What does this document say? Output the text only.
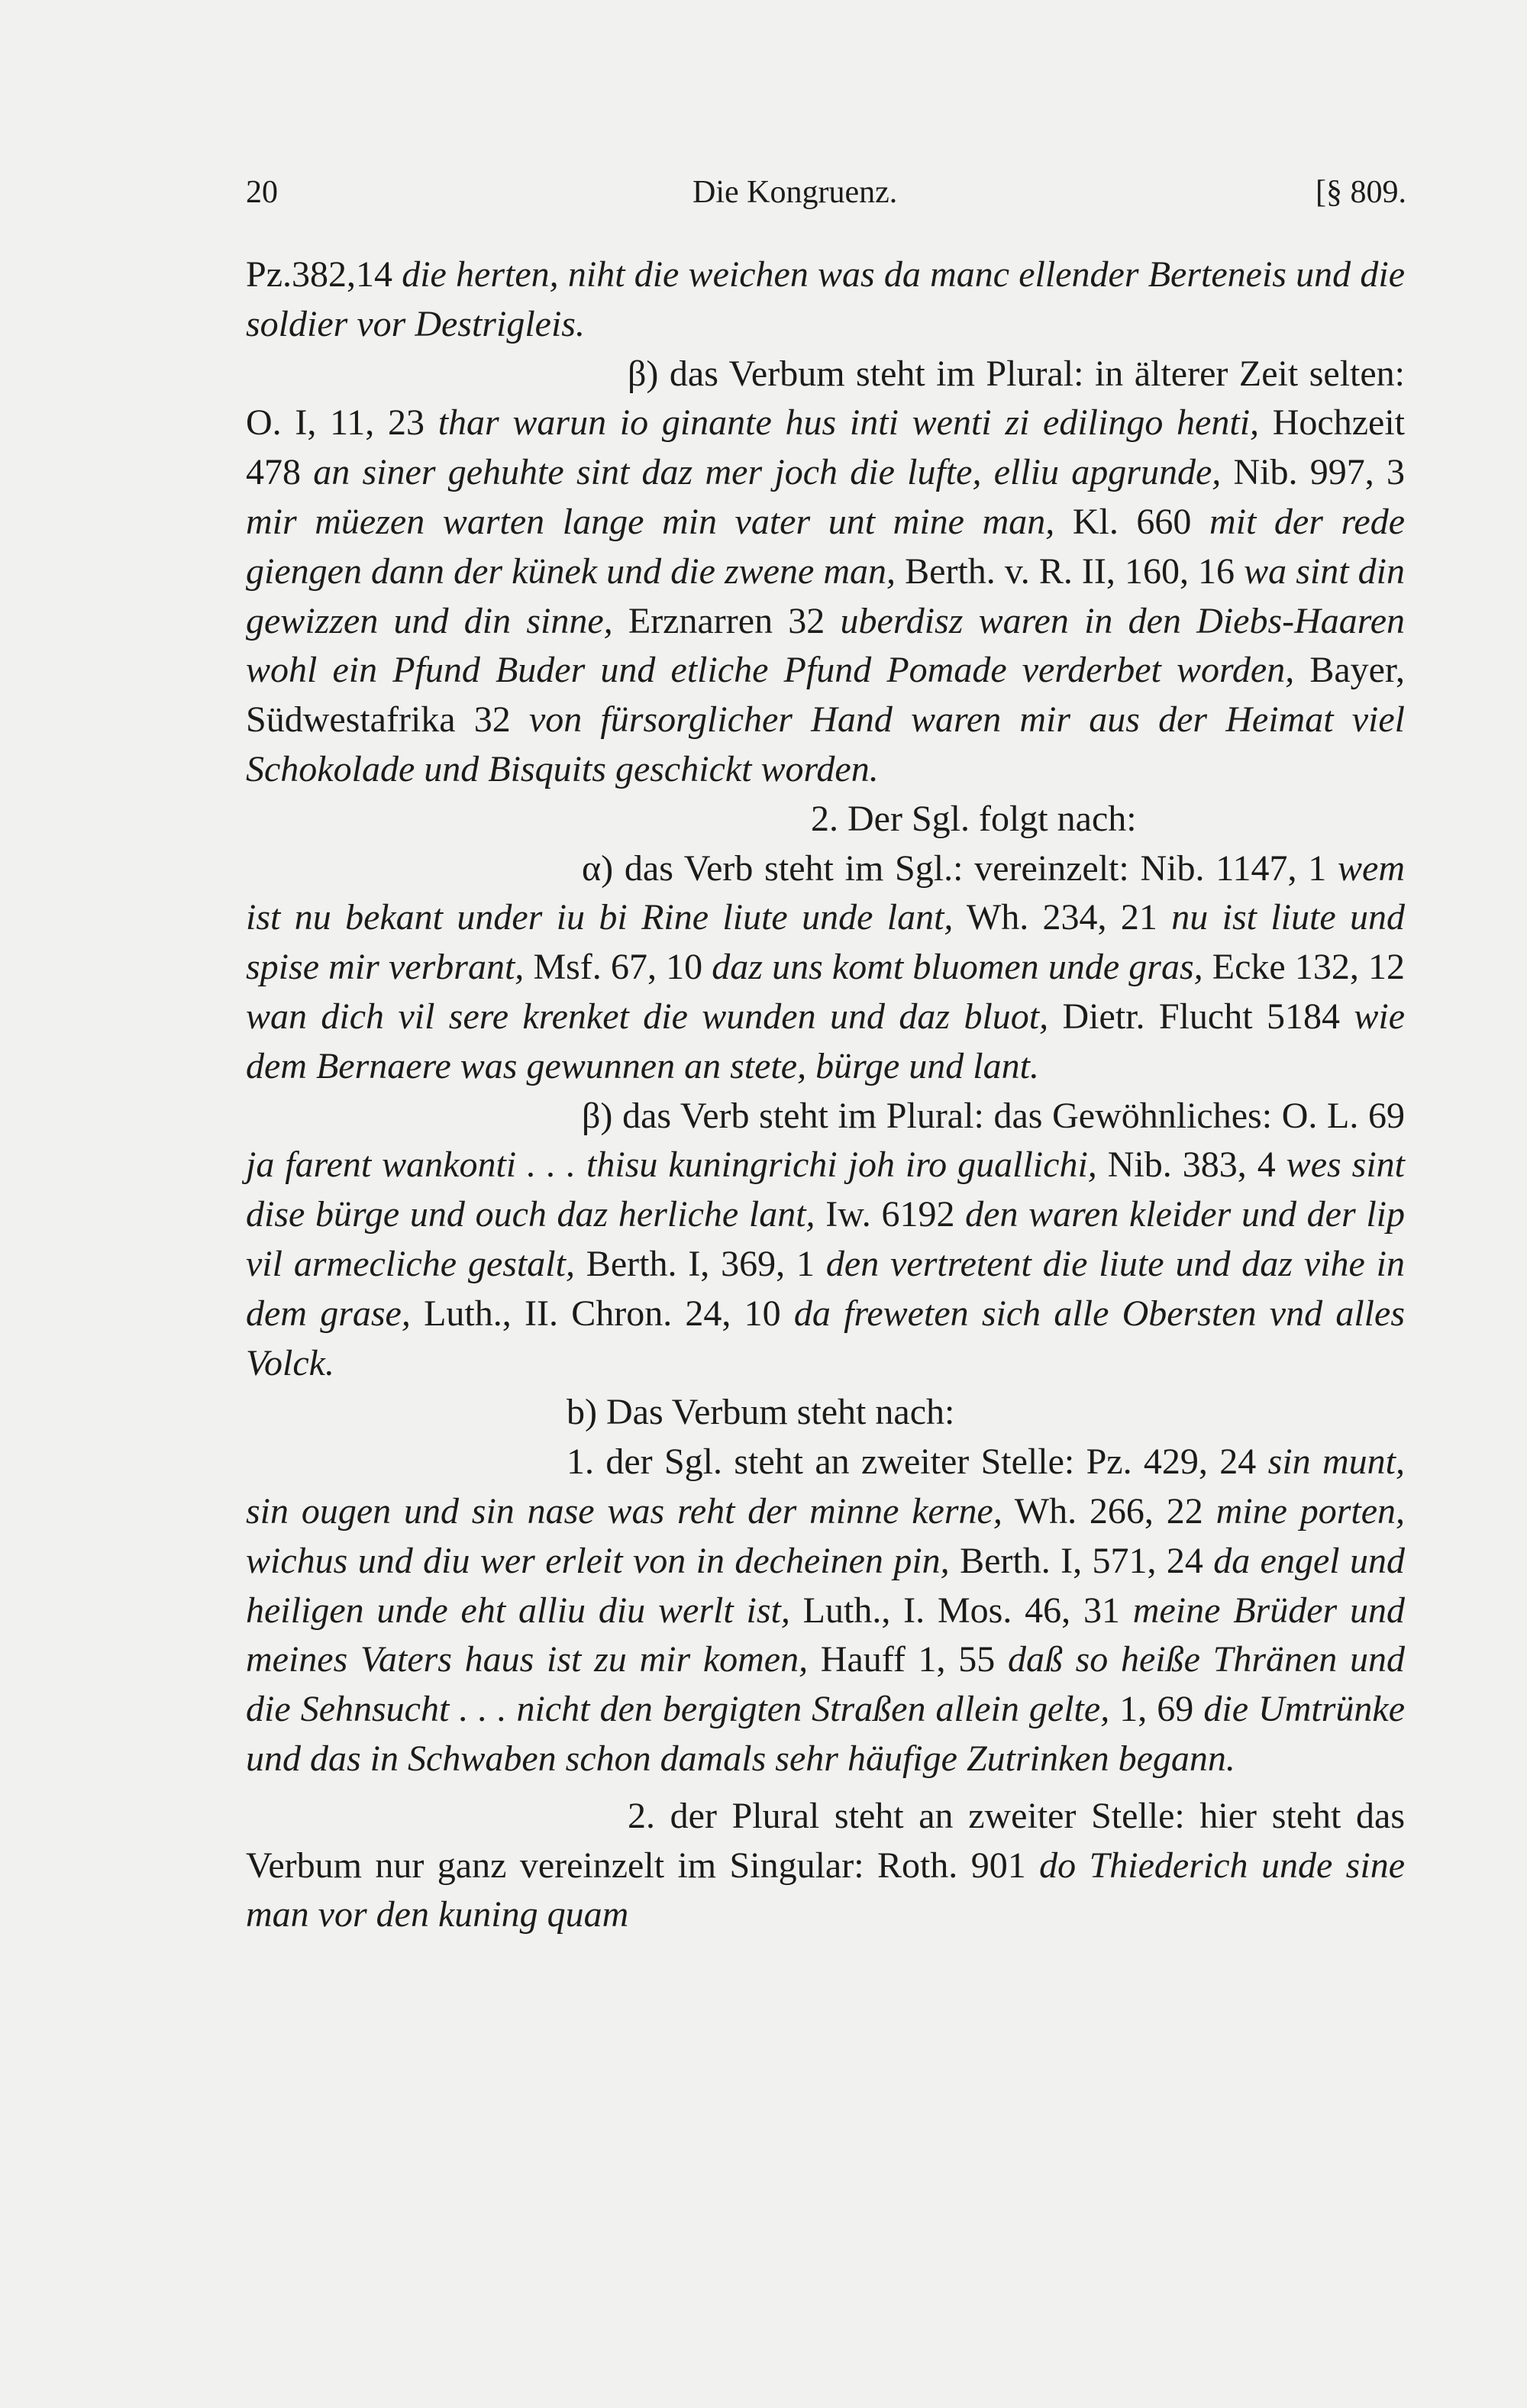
20	Die Kongruenz.	[§ 809.

Pz.382,14 die herten, niht die weichen was da manc ellender Berteneis und die soldier vor Destrigleis.

β) das Verbum steht im Plural: in älterer Zeit selten: O. I, 11, 23 thar warun io ginante hus inti wenti zi edilingo henti, Hochzeit 478 an siner gehuhte sint daz mer joch die lufte, elliu apgrunde, Nib. 997, 3 mir müezen warten lange min vater unt mine man, Kl. 660 mit der rede giengen dann der künek und die zwene man, Berth. v. R. II, 160, 16 wa sint din gewizzen und din sinne, Erznarren 32 uberdisz waren in den Diebs-Haaren wohl ein Pfund Buder und etliche Pfund Pomade verderbet worden, Bayer, Südwestafrika 32 von fürsorglicher Hand waren mir aus der Heimat viel Schokolade und Bisquits geschickt worden.

2. Der Sgl. folgt nach:

α) das Verb steht im Sgl.: vereinzelt: Nib. 1147, 1 wem ist nu bekant under iu bi Rine liute unde lant, Wh. 234, 21 nu ist liute und spise mir verbrant, Msf. 67, 10 daz uns komt bluomen unde gras, Ecke 132, 12 wan dich vil sere krenket die wunden und daz bluot, Dietr. Flucht 5184 wie dem Bernaere was gewunnen an stete, bürge und lant.

β) das Verb steht im Plural: das Gewöhnliches: O. L. 69 ja farent wankonti . . . thisu kuningrichi joh iro guallichi, Nib. 383, 4 wes sint dise bürge und ouch daz herliche lant, Iw. 6192 den waren kleider und der lip vil armecliche gestalt, Berth. I, 369, 1 den vertretent die liute und daz vihe in dem grase, Luth., II. Chron. 24, 10 da freweten sich alle Obersten vnd alles Volck.

b) Das Verbum steht nach:

1. der Sgl. steht an zweiter Stelle: Pz. 429, 24 sin munt, sin ougen und sin nase was reht der minne kerne, Wh. 266, 22 mine porten, wichus und diu wer erleit von in decheinen pin, Berth. I, 571, 24 da engel und heiligen unde eht alliu diu werlt ist, Luth., I. Mos. 46, 31 meine Brüder und meines Vaters haus ist zu mir komen, Hauff 1, 55 daß so heiße Thränen und die Sehnsucht . . . nicht den bergigten Straßen allein gelte, 1, 69 die Umtrünke und das in Schwaben schon damals sehr häufige Zutrinken begann.

2. der Plural steht an zweiter Stelle: hier steht das Verbum nur ganz vereinzelt im Singular: Roth. 901 do Thiederich unde sine man vor den kuning quam
